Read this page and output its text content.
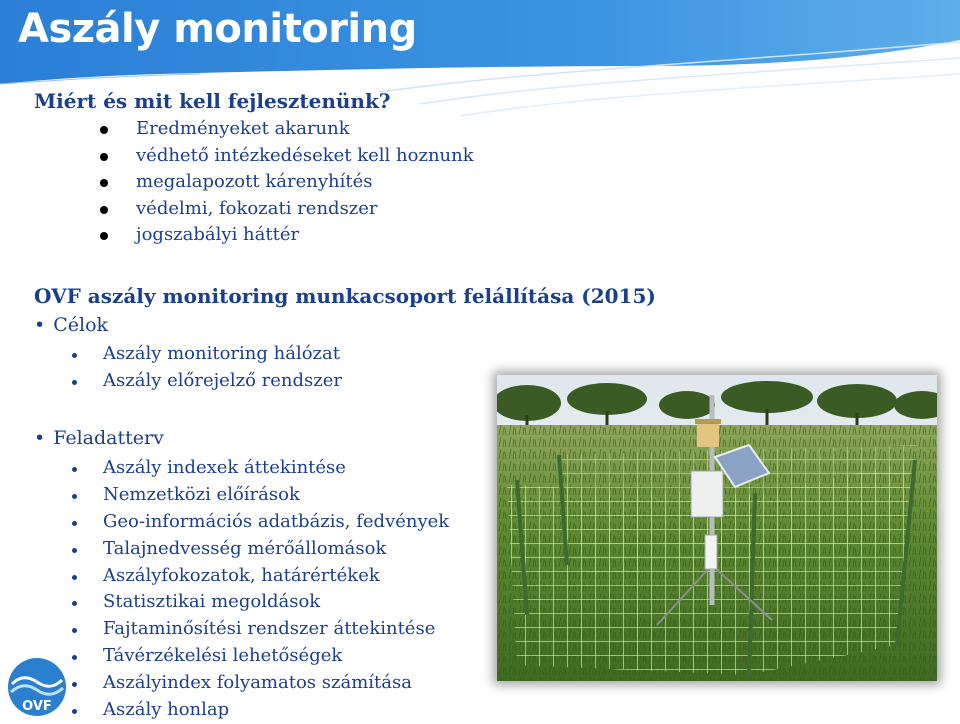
Aszály monitoring
Miért és mit kell fejlesztenünk?
Eredményeket akarunk
védhető intézkedéseket kell hoznunk
megalapozott kárenyhítés
védelmi, fokozati rendszer
jogszabályi háttér
OVF aszály monitoring munkacsoport felállítása (2015)
• Célok
Aszály monitoring hálózat
Aszály előrejelző rendszer
• Feladatterv
Aszály indexek áttekintése
Nemzetközi előírások
Geo-információs adatbázis, fedvények
Talajnedvesség mérőállomások
Aszályfokozatok, határértékek
Statisztikai megoldások
Fajtaminősítési rendszer áttekintése
Távérzékelési lehetőségek
Aszályindex folyamatos számítása
Aszály honlap
OVF
